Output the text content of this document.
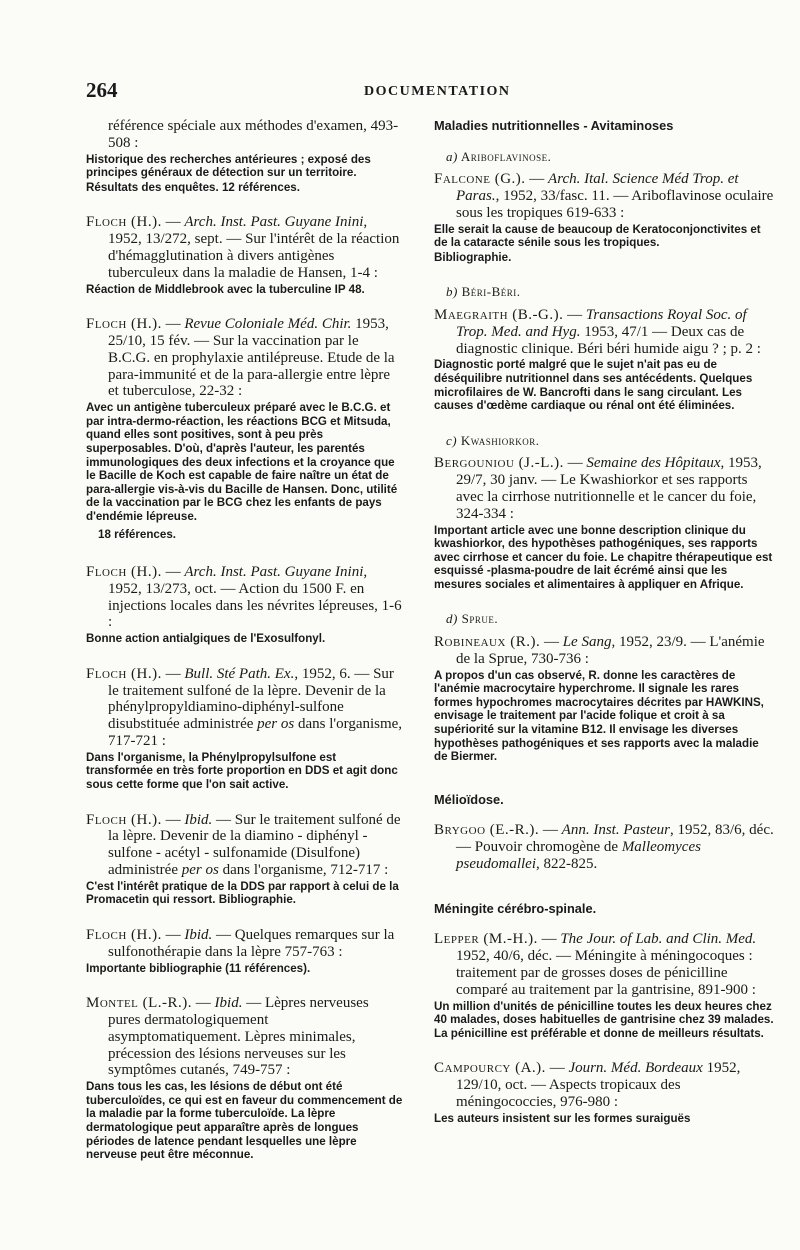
264	DOCUMENTATION

référence spéciale aux méthodes d'examen, 493-508 :

Historique des recherches antérieures ; exposé des principes généraux de détection sur un territoire.

Résultats des enquêtes. 12 références.

Floch (H.). — Arch. Inst. Past. Guyane Inini, 1952, 13/272, sept. — Sur l'intérêt de la réaction d'hémagglutination à divers antigènes tuberculeux dans la maladie de Hansen, 1-4 :

Réaction de Middlebrook avec la tuberculine IP 48.

Floch (H.). — Revue Coloniale Méd. Chir. 1953, 25/10, 15 fév. — Sur la vaccination par le B.C.G. en prophylaxie antilépreuse. Etude de la para-immunité et de la para-allergie entre lèpre et tuberculose, 22-32 :

Avec un antigène tuberculeux préparé avec le B.C.G. et par intra-dermo-réaction, les réactions BCG et Mitsuda, quand elles sont positives, sont à peu près superposables. D'où, d'après l'auteur, les parentés immunologiques des deux infections et la croyance que le Bacille de Koch est capable de faire naître un état de para-allergie vis-à-vis du Bacille de Hansen. Donc, utilité de la vaccination par le BCG chez les enfants de pays d'endémie lépreuse.

18 références.

Floch (H.). — Arch. Inst. Past. Guyane Inini, 1952, 13/273, oct. — Action du 1500 F. en injections locales dans les névrites lépreuses, 1-6 :

Bonne action antialgiques de l'Exosulfonyl.

Floch (H.). — Bull. Sté Path. Ex., 1952, 6. — Sur le traitement sulfoné de la lèpre. Devenir de la phénylpropyldiamino-diphényl-sulfone disubstituée administrée per os dans l'organisme, 717-721 :

Dans l'organisme, la Phénylpropylsulfone est transformée en très forte proportion en DDS et agit donc sous cette forme que l'on sait active.

Floch (H.). — Ibid. — Sur le traitement sulfoné de la lèpre. Devenir de la diamino - diphényl - sulfone - acétyl - sulfonamide (Disulfone) administrée per os dans l'organisme, 712-717 :

C'est l'intérêt pratique de la DDS par rapport à celui de la Promacetin qui ressort. Bibliographie.

Floch (H.). — Ibid. — Quelques remarques sur la sulfonothérapie dans la lèpre 757-763 :

Importante bibliographie (11 références).

Montel (L.-R.). — Ibid. — Lèpres nerveuses pures dermatologiquement asymptomatiquement. Lèpres minimales, précession des lésions nerveuses sur les symptômes cutanés, 749-757 :

Dans tous les cas, les lésions de début ont été tuberculoïdes, ce qui est en faveur du commencement de la maladie par la forme tuberculoïde. La lèpre dermatologique peut apparaître après de longues périodes de latence pendant lesquelles une lèpre nerveuse peut être méconnue.

Maladies nutritionnelles - Avitaminoses
a) Ariboflavinose.

Falcone (G.). — Arch. Ital. Science Méd Trop. et Paras., 1952, 33/fasc. 11. — Ariboflavinose oculaire sous les tropiques 619-633 :

Elle serait la cause de beaucoup de Keratoconjonctivites et de la cataracte sénile sous les tropiques.

Bibliographie.

b) Béri-Béri.

Maegraith (B.-G.). — Transactions Royal Soc. of Trop. Med. and Hyg. 1953, 47/1 — Deux cas de diagnostic clinique. Béri béri humide aigu ? ; p. 2 :

Diagnostic porté malgré que le sujet n'ait pas eu de déséquilibre nutritionnel dans ses antécédents. Quelques microfilaires de W. Bancrofti dans le sang circulant. Les causes d'œdème cardiaque ou rénal ont été éliminées.

c) Kwashiorkor.

Bergouniou (J.-L.). — Semaine des Hôpitaux, 1953, 29/7, 30 janv. — Le Kwashiorkor et ses rapports avec la cirrhose nutritionnelle et le cancer du foie, 324-334 :

Important article avec une bonne description clinique du kwashiorkor, des hypothèses pathogéniques, ses rapports avec cirrhose et cancer du foie. Le chapitre thérapeutique est esquissé -plasma-poudre de lait écrémé ainsi que les mesures sociales et alimentaires à appliquer en Afrique.

d) Sprue.

Robineaux (R.). — Le Sang, 1952, 23/9. — L'anémie de la Sprue, 730-736 :

A propos d'un cas observé, R. donne les caractères de l'anémie macrocytaire hyperchrome. Il signale les rares formes hypochromes macrocytaires décrites par HAWKINS, envisage le traitement par l'acide folique et croit à sa supériorité sur la vitamine B12. Il envisage les diverses hypothèses pathogéniques et ses rapports avec la maladie de Biermer.

Mélioïdose.

Brygoo (E.-R.). — Ann. Inst. Pasteur, 1952, 83/6, déc. — Pouvoir chromogène de Malleomyces pseudomallei, 822-825.

Méningite cérébro-spinale.

Lepper (M.-H.). — The Jour. of Lab. and Clin. Med. 1952, 40/6, déc. — Méningite à méningocoques : traitement par de grosses doses de pénicilline comparé au traitement par la gantrisine, 891-900 :

Un million d'unités de pénicilline toutes les deux heures chez 40 malades, doses habituelles de gantrisine chez 39 malades. La pénicilline est préférable et donne de meilleurs résultats.

Campourcy (A.). — Journ. Méd. Bordeaux 1952, 129/10, oct. — Aspects tropicaux des méningococcies, 976-980 :

Les auteurs insistent sur les formes suraiguës
